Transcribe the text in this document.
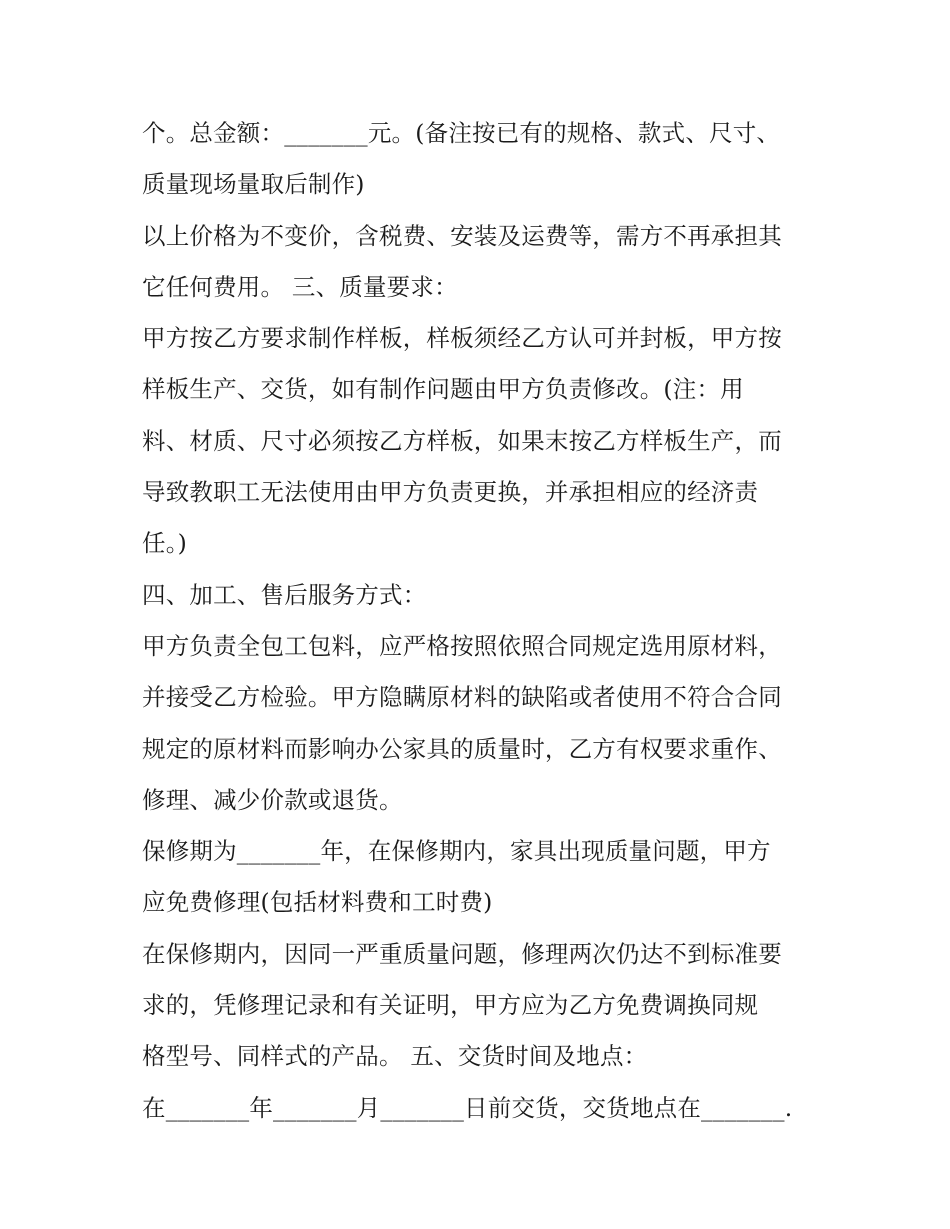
个。总金额：_______元。(备注按已有的规格、款式、尺寸、
质量现场量取后制作)
以上价格为不变价，含税费、安装及运费等，需方不再承担其
它任何费用。 三、质量要求：
甲方按乙方要求制作样板，样板须经乙方认可并封板，甲方按
样板生产、交货，如有制作问题由甲方负责修改。(注：用
料、材质、尺寸必须按乙方样板，如果末按乙方样板生产，而
导致教职工无法使用由甲方负责更换，并承担相应的经济责
任。)
四、加工、售后服务方式：
甲方负责全包工包料，应严格按照依照合同规定选用原材料，
并接受乙方检验。甲方隐瞒原材料的缺陷或者使用不符合合同
规定的原材料而影响办公家具的质量时，乙方有权要求重作、
修理、减少价款或退货。
保修期为_______年，在保修期内，家具出现质量问题，甲方
应免费修理(包括材料费和工时费)
在保修期内，因同一严重质量问题，修理两次仍达不到标准要
求的，凭修理记录和有关证明，甲方应为乙方免费调换同规
格型号、同样式的产品。 五、交货时间及地点：
在_______年_______月_______日前交货，交货地点在_______.
